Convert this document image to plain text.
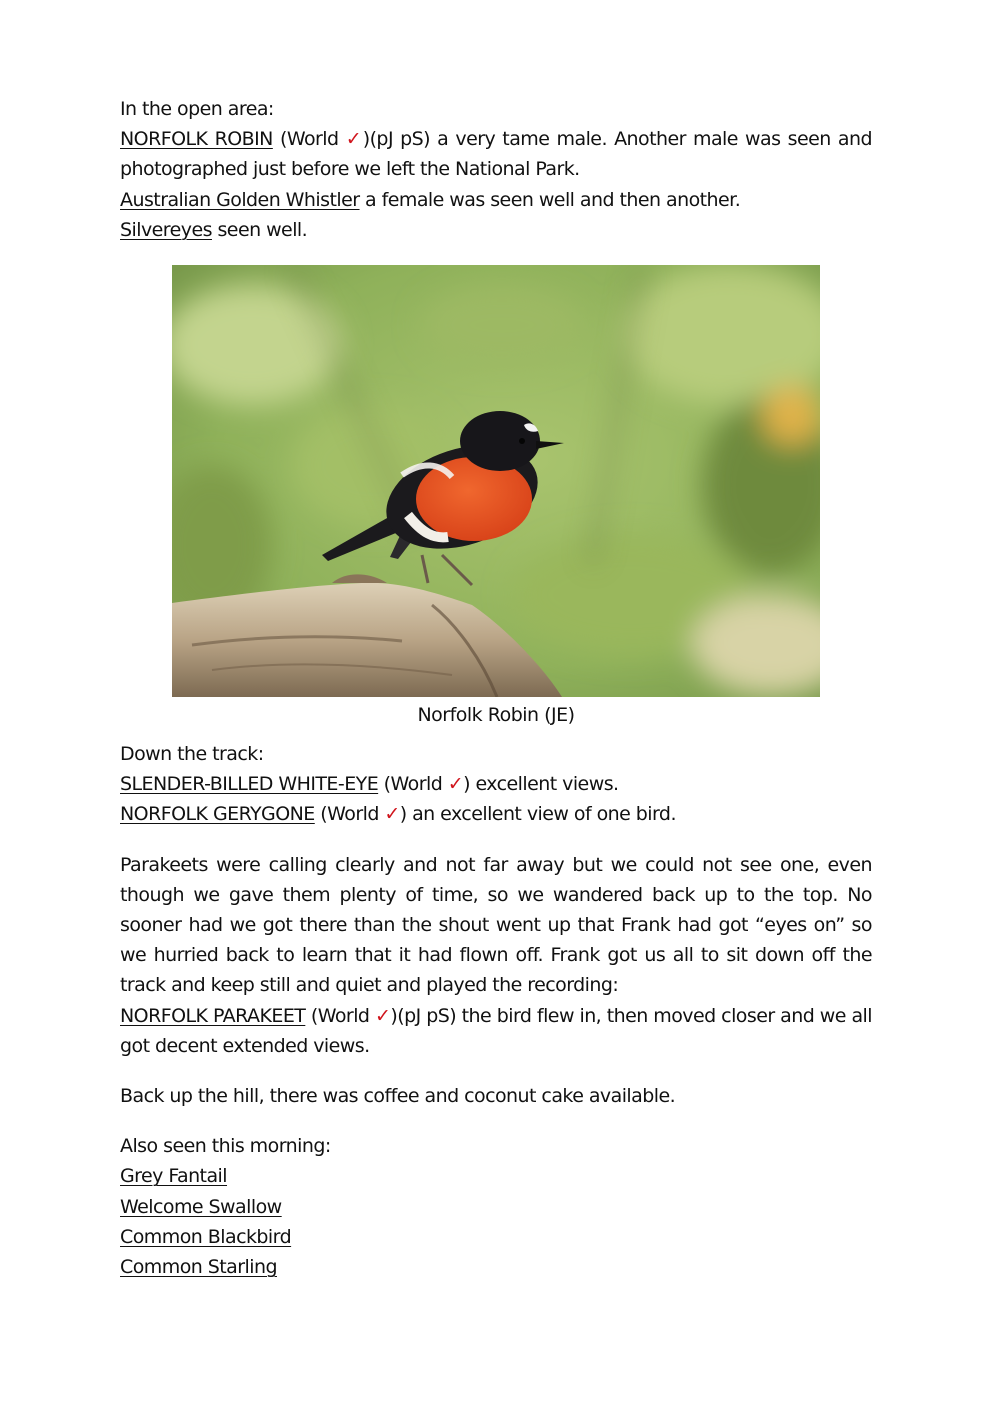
In the open area:

NORFOLK ROBIN (World ✓)(pJ pS) a very tame male. Another male was seen and photographed just before we left the National Park.

Australian Golden Whistler a female was seen well and then another.

Silvereyes seen well.

Norfolk Robin (JE)

Down the track:

SLENDER-BILLED WHITE-EYE (World ✓) excellent views.

NORFOLK GERYGONE (World ✓) an excellent view of one bird.

Parakeets were calling clearly and not far away but we could not see one, even though we gave them plenty of time, so we wandered back up to the top. No sooner had we got there than the shout went up that Frank had got “eyes on” so we hurried back to learn that it had flown off. Frank got us all to sit down off the track and keep still and quiet and played the recording:

NORFOLK PARAKEET (World ✓)(pJ pS) the bird flew in, then moved closer and we all got decent extended views.

Back up the hill, there was coffee and coconut cake available.

Also seen this morning:

Grey Fantail

Welcome Swallow

Common Blackbird

Common Starling
